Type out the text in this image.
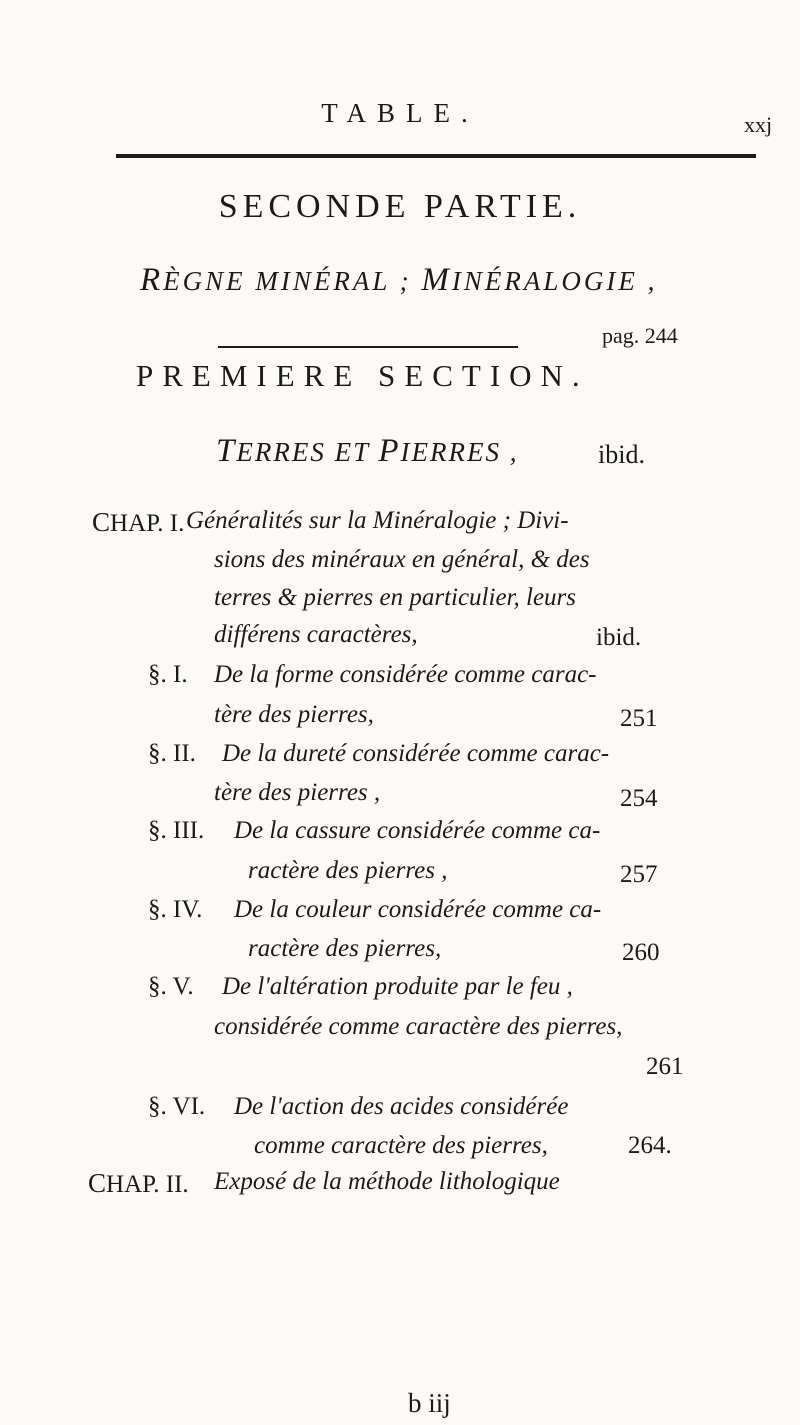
TABLE.	xxj
SECONDE PARTIE.
RÈGNE MINÉRAL ; MINÉRALOGIE ,
pag. 244
PREMIERE SECTION.
TERRES ET PIERRES ,	ibid.
CHAP. I. Généralités sur la Minéralogie ; Divi-
sions des minéraux en général, & des
terres & pierres en particulier, leurs
différens caractères,	ibid.
§. I. De la forme considérée comme carac-
tère des pierres,	251
§. II. De la dureté considérée comme carac-
tère des pierres ,	254
§. III. De la cassure considérée comme ca-
ractère des pierres ,	257
§. IV. De la couleur considérée comme ca-
ractère des pierres,	260
§. V. De l'altération produite par le feu ,
considérée comme caractère des pierres,
261
§. VI. De l'action des acides considérée
comme caractère des pierres,	264.
CHAP. II. Exposé de la méthode lithologique
b iij
